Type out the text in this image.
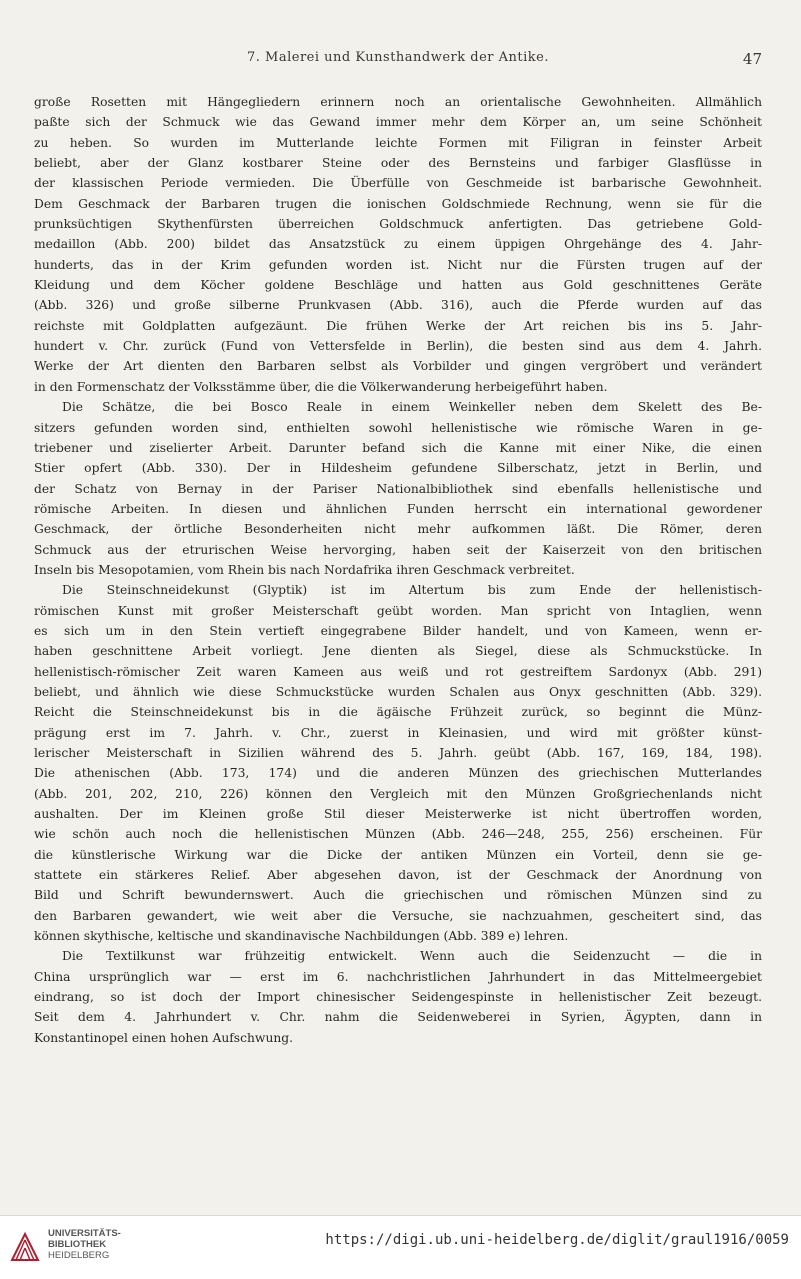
7. Malerei und Kunsthandwerk der Antike.	47
große Rosetten mit Hängegliedern erinnern noch an orientalische Gewohnheiten. Allmählich
paßte sich der Schmuck wie das Gewand immer mehr dem Körper an, um seine Schönheit
zu heben. So wurden im Mutterlande leichte Formen mit Filigran in feinster Arbeit
beliebt, aber der Glanz kostbarer Steine oder des Bernsteins und farbiger Glasflüsse in
der klassischen Periode vermieden. Die Überfülle von Geschmeide ist barbarische Gewohnheit.
Dem Geschmack der Barbaren trugen die ionischen Goldschmiede Rechnung, wenn sie für die
prunksüchtigen Skythenfürsten überreichen Goldschmuck anfertigten. Das getriebene Gold-
medaillon (Abb. 200) bildet das Ansatzstück zu einem üppigen Ohrgehänge des 4. Jahr-
hunderts, das in der Krim gefunden worden ist. Nicht nur die Fürsten trugen auf der
Kleidung und dem Köcher goldene Beschläge und hatten aus Gold geschnittenes Geräte
(Abb. 326) und große silberne Prunkvasen (Abb. 316), auch die Pferde wurden auf das
reichste mit Goldplatten aufgezäunt. Die frühen Werke der Art reichen bis ins 5. Jahr-
hundert v. Chr. zurück (Fund von Vettersfelde in Berlin), die besten sind aus dem 4. Jahrh.
Werke der Art dienten den Barbaren selbst als Vorbilder und gingen vergröbert und verändert
in den Formenschatz der Volksstämme über, die die Völkerwanderung herbeigeführt haben.
Die Schätze, die bei Bosco Reale in einem Weinkeller neben dem Skelett des Be-
sitzers gefunden worden sind, enthielten sowohl hellenistische wie römische Waren in ge-
triebener und ziselierter Arbeit. Darunter befand sich die Kanne mit einer Nike, die einen
Stier opfert (Abb. 330). Der in Hildesheim gefundene Silberschatz, jetzt in Berlin, und
der Schatz von Bernay in der Pariser Nationalbibliothek sind ebenfalls hellenistische und
römische Arbeiten. In diesen und ähnlichen Funden herrscht ein international gewordener
Geschmack, der örtliche Besonderheiten nicht mehr aufkommen läßt. Die Römer, deren
Schmuck aus der etrurischen Weise hervorging, haben seit der Kaiserzeit von den britischen
Inseln bis Mesopotamien, vom Rhein bis nach Nordafrika ihren Geschmack verbreitet.
Die Steinschneidekunst (Glyptik) ist im Altertum bis zum Ende der hellenistisch-
römischen Kunst mit großer Meisterschaft geübt worden. Man spricht von Intaglien, wenn
es sich um in den Stein vertieft eingegrabene Bilder handelt, und von Kameen, wenn er-
haben geschnittene Arbeit vorliegt. Jene dienten als Siegel, diese als Schmuckstücke. In
hellenistisch-römischer Zeit waren Kameen aus weiß und rot gestreiftem Sardonyx (Abb. 291)
beliebt, und ähnlich wie diese Schmuckstücke wurden Schalen aus Onyx geschnitten (Abb. 329).
Reicht die Steinschneidekunst bis in die ägäische Frühzeit zurück, so beginnt die Münz-
prägung erst im 7. Jahrh. v. Chr., zuerst in Kleinasien, und wird mit größter künst-
lerischer Meisterschaft in Sizilien während des 5. Jahrh. geübt (Abb. 167, 169, 184, 198).
Die athenischen (Abb. 173, 174) und die anderen Münzen des griechischen Mutterlandes
(Abb. 201, 202, 210, 226) können den Vergleich mit den Münzen Großgriechenlands nicht
aushalten. Der im Kleinen große Stil dieser Meisterwerke ist nicht übertroffen worden,
wie schön auch noch die hellenistischen Münzen (Abb. 246—248, 255, 256) erscheinen. Für
die künstlerische Wirkung war die Dicke der antiken Münzen ein Vorteil, denn sie ge-
stattete ein stärkeres Relief. Aber abgesehen davon, ist der Geschmack der Anordnung von
Bild und Schrift bewundernswert. Auch die griechischen und römischen Münzen sind zu
den Barbaren gewandert, wie weit aber die Versuche, sie nachzuahmen, gescheitert sind, das
können skythische, keltische und skandinavische Nachbildungen (Abb. 389 e) lehren.
Die Textilkunst war frühzeitig entwickelt. Wenn auch die Seidenzucht — die in
China ursprünglich war — erst im 6. nachchristlichen Jahrhundert in das Mittelmeergebiet
eindrang, so ist doch der Import chinesischer Seidengespinste in hellenistischer Zeit bezeugt.
Seit dem 4. Jahrhundert v. Chr. nahm die Seidenweberei in Syrien, Ägypten, dann in
Konstantinopel einen hohen Aufschwung.
UNIVERSITÄTS-
BIBLIOTHEK
HEIDELBERG
https://digi.ub.uni-heidelberg.de/diglit/graul1916/0059
